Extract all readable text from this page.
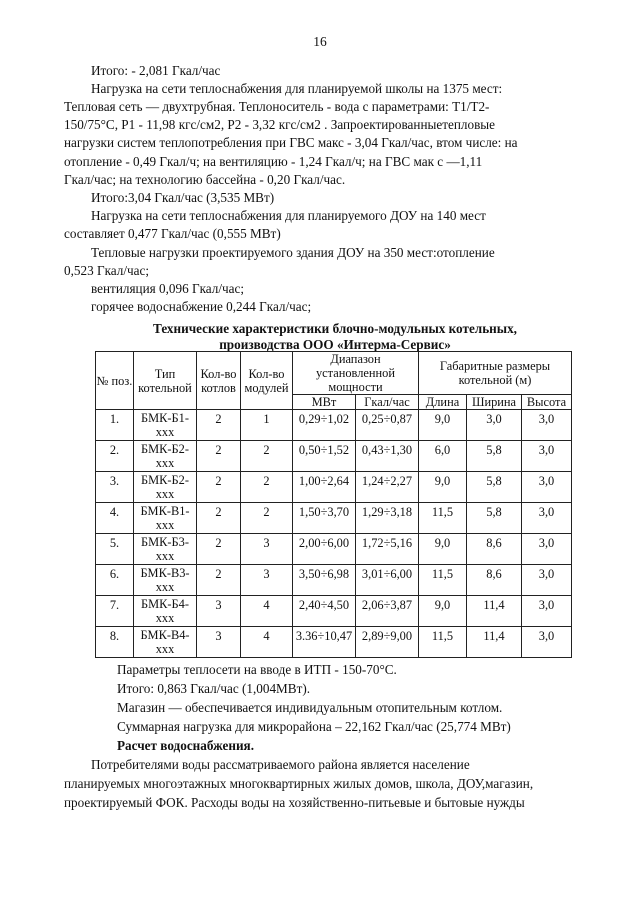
16
Итого: - 2,081 Гкал/час
Нагрузка на сети теплоснабжения для планируемой школы на 1375 мест:
Тепловая сеть — двухтрубная. Теплоноситель - вода с параметрами: Т1/Т2-
150/75°С, Р1 - 11,98 кгс/см2, Р2 - 3,32 кгс/см2 . Запроектированныетепловые
нагрузки систем теплопотребления при ГВС макс - 3,04 Гкал/час, втом числе: на
отопление - 0,49 Гкал/ч; на вентиляцию - 1,24 Гкал/ч; на ГВС мак с —1,11
Гкал/час; на технологию бассейна - 0,20 Гкал/час.
Итого:3,04 Гкал/час (3,535 МВт)
Нагрузка на сети теплоснабжения для планируемого ДОУ на 140 мест
составляет 0,477 Гкал/час (0,555 МВт)
Тепловые нагрузки проектируемого здания ДОУ на 350 мест:отопление
0,523 Гкал/час;
вентиляция 0,096 Гкал/час;
горячее водоснабжение 0,244 Гкал/час;
Технические характеристики блочно-модульных котельных,
производства ООО «Интерма-Сервис»
№ поз.	Тип котельной	Кол-во котлов	Кол-во модулей	Диапазон установленной мощности		Габаритные размеры котельной (м)		
				МВт	Гкал/час	Длина	Ширина	Высота
1.	БМК-Б1-xxx	2	1	0,29÷1,02	0,25÷0,87	9,0	3,0	3,0
2.	БМК-Б2-xxx	2	2	0,50÷1,52	0,43÷1,30	6,0	5,8	3,0
3.	БМК-Б2-xxx	2	2	1,00÷2,64	1,24÷2,27	9,0	5,8	3,0
4.	БМК-В1-xxx	2	2	1,50÷3,70	1,29÷3,18	11,5	5,8	3,0
5.	БМК-Б3-xxx	2	3	2,00÷6,00	1,72÷5,16	9,0	8,6	3,0
6.	БМК-В3-xxx	2	3	3,50÷6,98	3,01÷6,00	11,5	8,6	3,0
7.	БМК-Б4-xxx	3	4	2,40÷4,50	2,06÷3,87	9,0	11,4	3,0
8.	БМК-В4-xxx	3	4	3.36÷10,47	2,89÷9,00	11,5	11,4	3,0
Параметры теплосети на вводе в ИТП - 150-70°С.
Итого: 0,863 Гкал/час (1,004МВт).
Магазин — обеспечивается индивидуальным отопительным котлом.
Суммарная нагрузка для микрорайона – 22,162 Гкал/час (25,774 МВт)
Расчет водоснабжения.
Потребителями воды рассматриваемого района является население
планируемых многоэтажных многоквартирных жилых домов, школа, ДОУ,магазин,
проектируемый ФОК. Расходы воды на хозяйственно-питьевые и бытовые нужды
